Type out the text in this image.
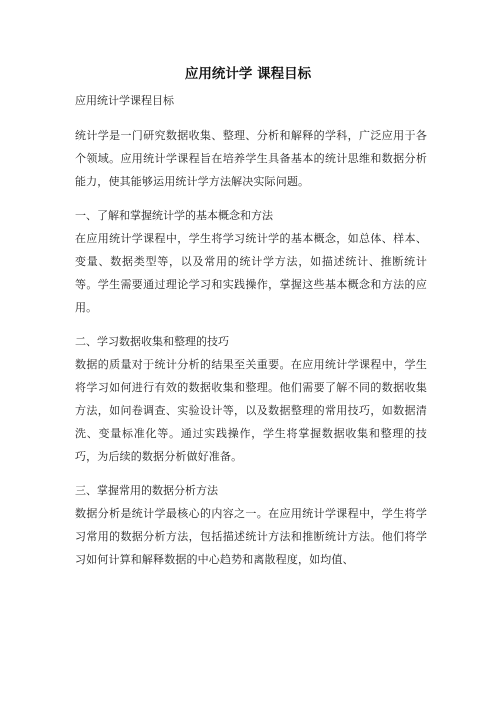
应用统计学 课程目标
应用统计学课程目标

统计学是一门研究数据收集、整理、分析和解释的学科，广泛应用于各个领域。应用统计学课程旨在培养学生具备基本的统计思维和数据分析能力，使其能够运用统计学方法解决实际问题。

一、了解和掌握统计学的基本概念和方法

在应用统计学课程中，学生将学习统计学的基本概念，如总体、样本、变量、数据类型等，以及常用的统计学方法，如描述统计、推断统计等。学生需要通过理论学习和实践操作，掌握这些基本概念和方法的应用。

二、学习数据收集和整理的技巧

数据的质量对于统计分析的结果至关重要。在应用统计学课程中，学生将学习如何进行有效的数据收集和整理。他们需要了解不同的数据收集方法，如问卷调查、实验设计等，以及数据整理的常用技巧，如数据清洗、变量标准化等。通过实践操作，学生将掌握数据收集和整理的技巧，为后续的数据分析做好准备。

三、掌握常用的数据分析方法

数据分析是统计学最核心的内容之一。在应用统计学课程中，学生将学习常用的数据分析方法，包括描述统计方法和推断统计方法。他们将学习如何计算和解释数据的中心趋势和离散程度，如均值、
